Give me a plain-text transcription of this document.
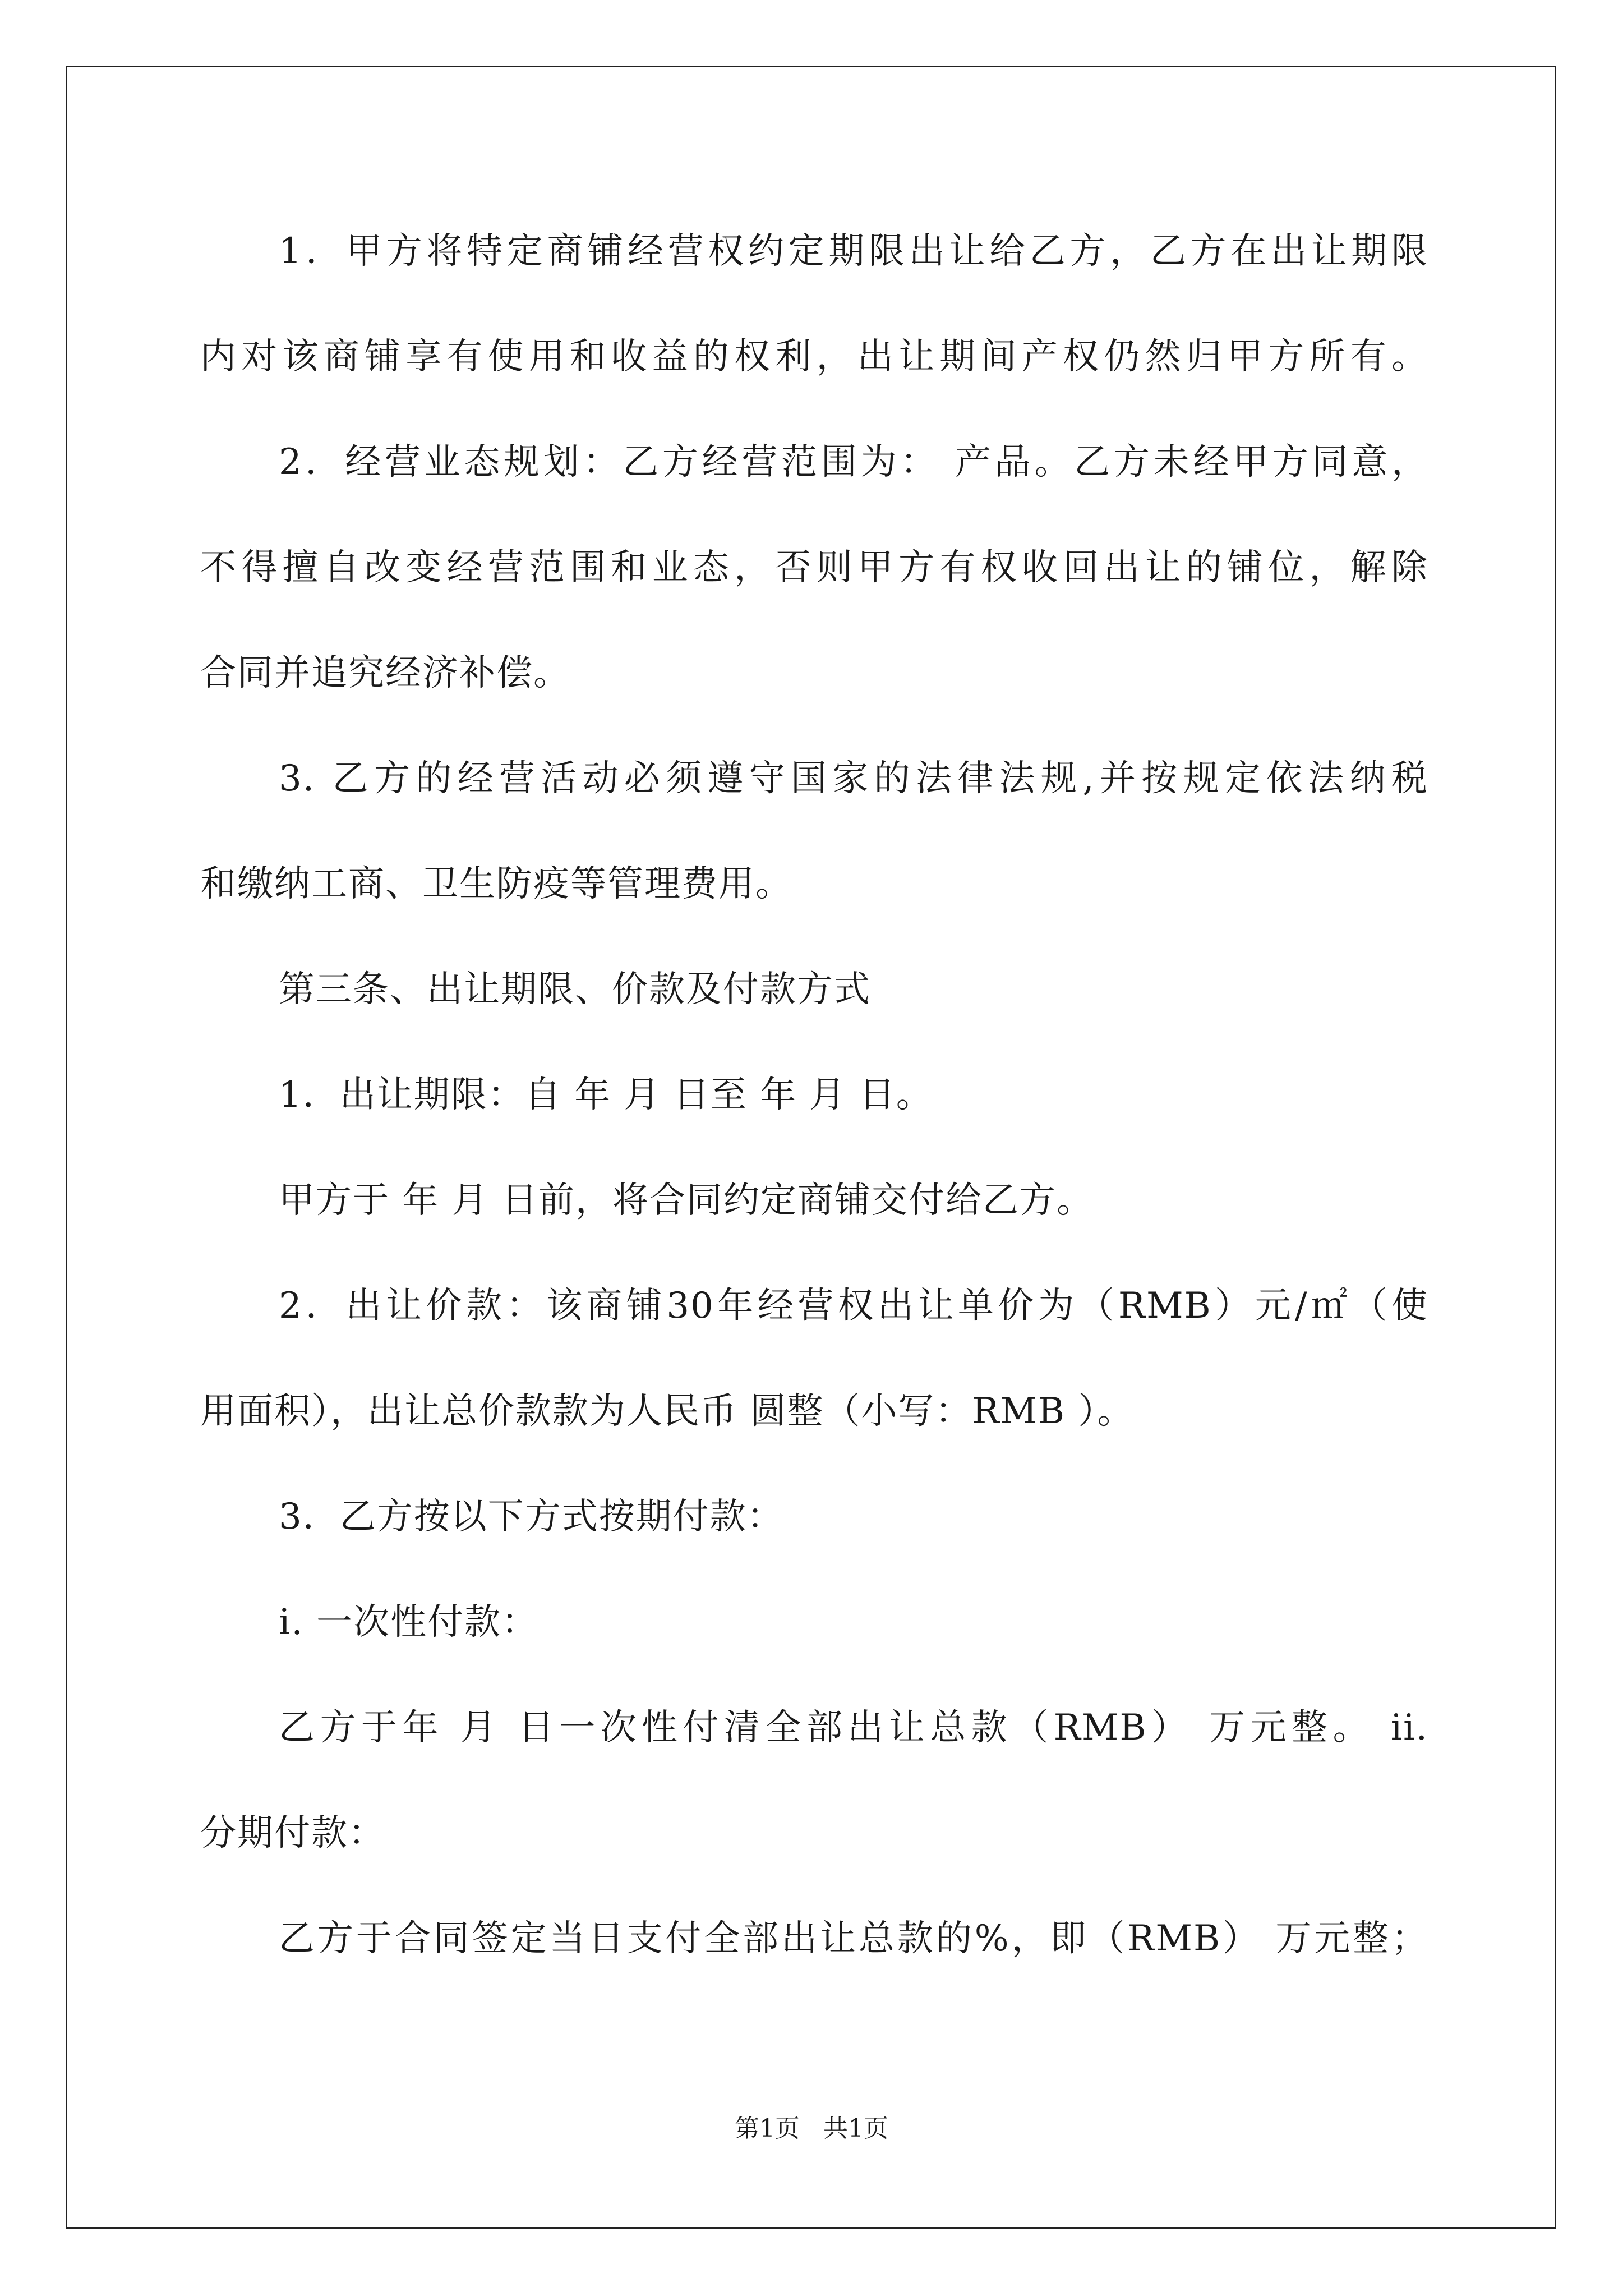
1．甲方将特定商铺经营权约定期限出让给乙方，乙方在出让期限
内对该商铺享有使用和收益的权利，出让期间产权仍然归甲方所有。
2．经营业态规划：乙方经营范围为： 产品。乙方未经甲方同意，
不得擅自改变经营范围和业态，否则甲方有权收回出让的铺位，解除
合同并追究经济补偿。
3. 乙方的经营活动必须遵守国家的法律法规,并按规定依法纳税
和缴纳工商、卫生防疫等管理费用。
第三条、出让期限、价款及付款方式
1．出让期限：自 年 月 日至 年 月 日。
甲方于 年 月 日前，将合同约定商铺交付给乙方。
2．出让价款：该商铺30年经营权出让单价为（RMB）元/㎡（使
用面积），出让总价款款为人民币 圆整（小写：RMB ）。
3．乙方按以下方式按期付款：
i. 一次性付款：
乙方于年 月 日一次性付清全部出让总款（RMB） 万元整。 ii.
分期付款：
乙方于合同签定当日支付全部出让总款的%，即（RMB） 万元整；
第1页   共1页
